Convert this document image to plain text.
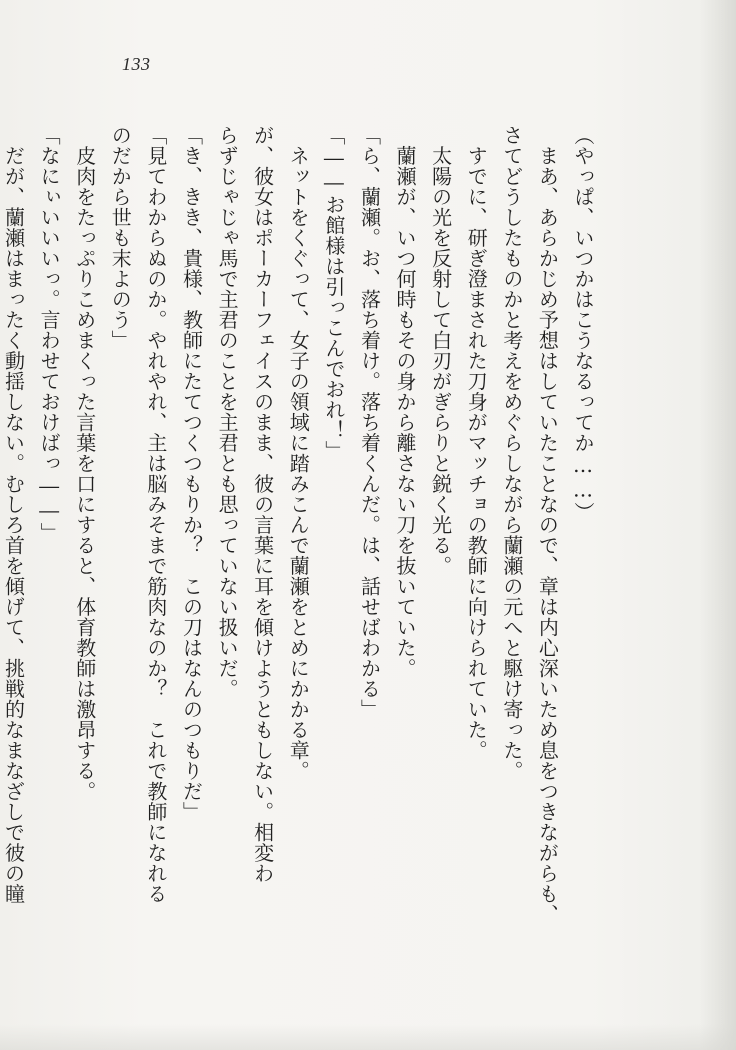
133
（やっぱ、いつかはこうなるってか……）
　まあ、あらかじめ予想はしていたことなので、章は内心深いため息をつきながらも、
さてどうしたものかと考えをめぐらしながら蘭瀬の元へと駆け寄った。
　すでに、研ぎ澄まされた刀身がマッチョの教師に向けられていた。
　太陽の光を反射して白刃がぎらりと鋭く光る。
　蘭瀬が、いつ何時もその身から離さない刀を抜いていた。
「ら、蘭瀬。お、落ち着け。落ち着くんだ。は、話せばわかる」
「――お館様は引っこんでおれ！」
　ネットをくぐって、女子の領域に踏みこんで蘭瀬をとめにかかる章。
が、彼女はポーカーフェイスのまま、彼の言葉に耳を傾けようともしない。相変わ
らずじゃじゃ馬で主君のことを主君とも思っていない扱いだ。
「き、きき、貴様、教師にたてつくつもりか？　この刀はなんのつもりだ」
「見てわからぬのか。やれやれ、主は脳みそまで筋肉なのか？　これで教師になれる
のだから世も末よのう」
　皮肉をたっぷりこめまくった言葉を口にすると、体育教師は激昂する。
「なにぃいいいっ。言わせておけばっ――」
　だが、蘭瀬はまったく動揺しない。むしろ首を傾げて、挑戦的なまなざしで彼の瞳
